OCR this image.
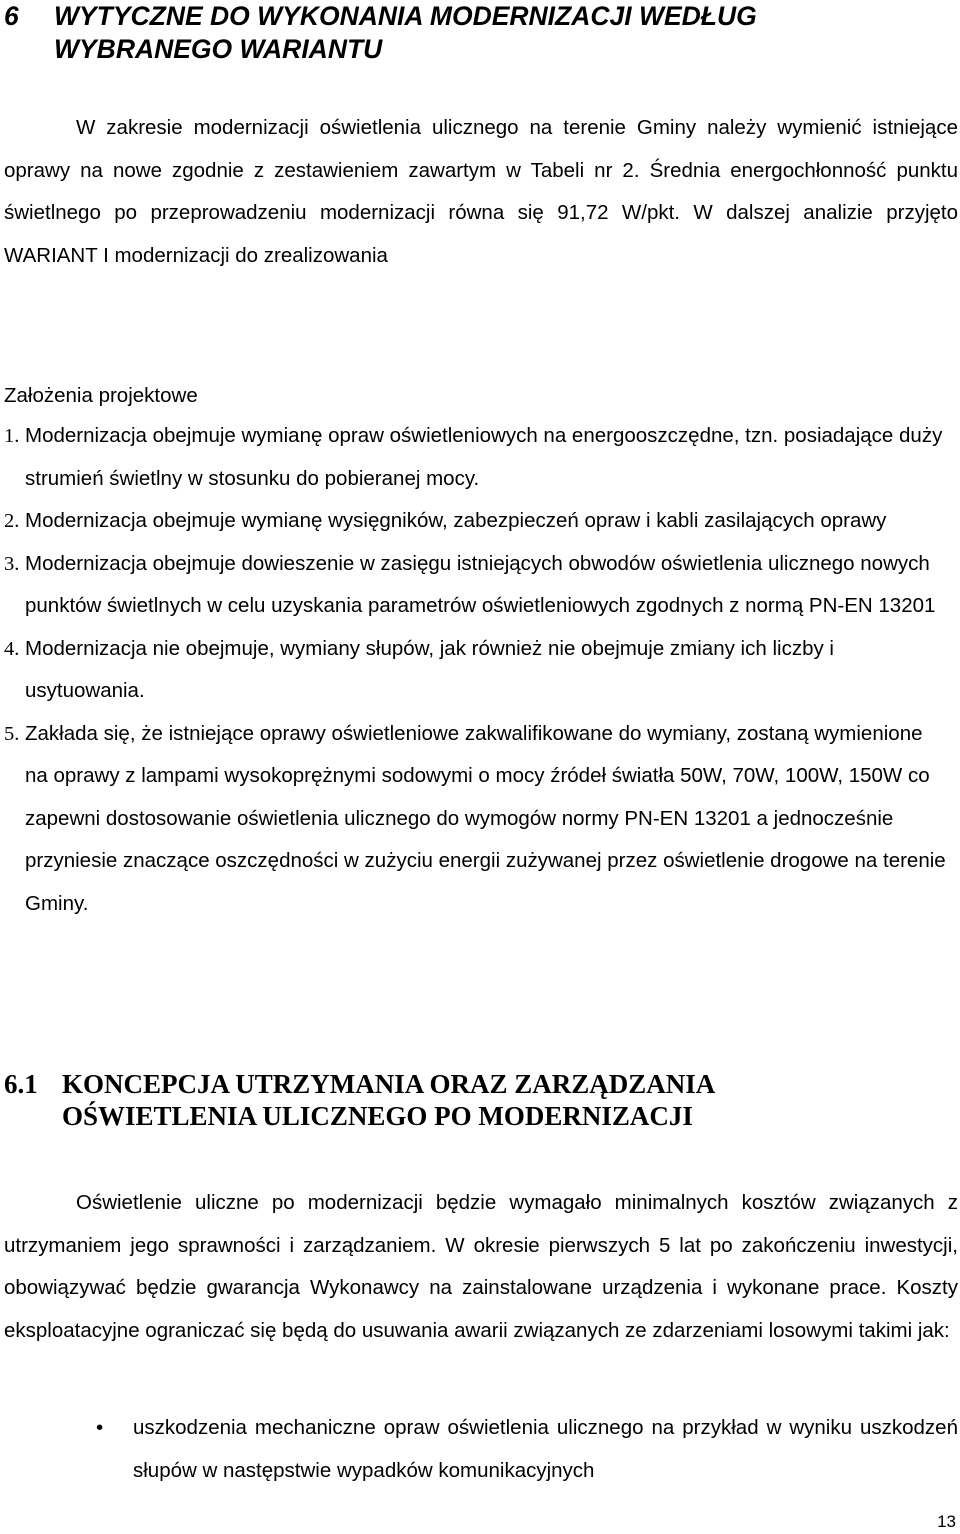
6 WYTYCZNE DO WYKONANIA MODERNIZACJI WEDŁUG
WYBRANEGO WARIANTU

W zakresie modernizacji oświetlenia ulicznego na terenie Gminy należy wymienić istniejące oprawy na nowe zgodnie z zestawieniem zawartym w Tabeli nr 2. Średnia energochłonność punktu świetlnego po przeprowadzeniu modernizacji równa się 91,72 W/pkt. W dalszej analizie przyjęto WARIANT I modernizacji do zrealizowania

Założenia projektowe
1. Modernizacja obejmuje wymianę opraw oświetleniowych na energooszczędne, tzn. posiadające duży strumień świetlny w stosunku do pobieranej mocy.
2. Modernizacja obejmuje wymianę wysięgników, zabezpieczeń opraw i kabli zasilających oprawy
3. Modernizacja obejmuje dowieszenie w zasięgu istniejących obwodów oświetlenia ulicznego nowych punktów świetlnych w celu uzyskania parametrów oświetleniowych zgodnych z normą PN-EN 13201
4. Modernizacja nie obejmuje, wymiany słupów, jak również nie obejmuje zmiany ich liczby i usytuowania.
5. Zakłada się, że istniejące oprawy oświetleniowe zakwalifikowane do wymiany, zostaną wymienione na oprawy z lampami wysokoprężnymi sodowymi o mocy źródeł światła 50W, 70W, 100W, 150W co zapewni dostosowanie oświetlenia ulicznego do wymogów normy PN-EN 13201 a jednocześnie przyniesie znaczące oszczędności w zużyciu energii zużywanej przez oświetlenie drogowe na terenie Gminy.
6.1 KONCEPCJA UTRZYMANIA ORAZ ZARZĄDZANIA
OŚWIETLENIA ULICZNEGO PO MODERNIZACJI

Oświetlenie uliczne po modernizacji będzie wymagało minimalnych kosztów związanych z utrzymaniem jego sprawności i zarządzaniem. W okresie pierwszych 5 lat po zakończeniu inwestycji, obowiązywać będzie gwarancja Wykonawcy na zainstalowane urządzenia i wykonane prace. Koszty eksploatacyjne ograniczać się będą do usuwania awarii związanych ze zdarzeniami losowymi takimi jak:

• uszkodzenia mechaniczne opraw oświetlenia ulicznego na przykład w wyniku uszkodzeń słupów w następstwie wypadków komunikacyjnych
13
